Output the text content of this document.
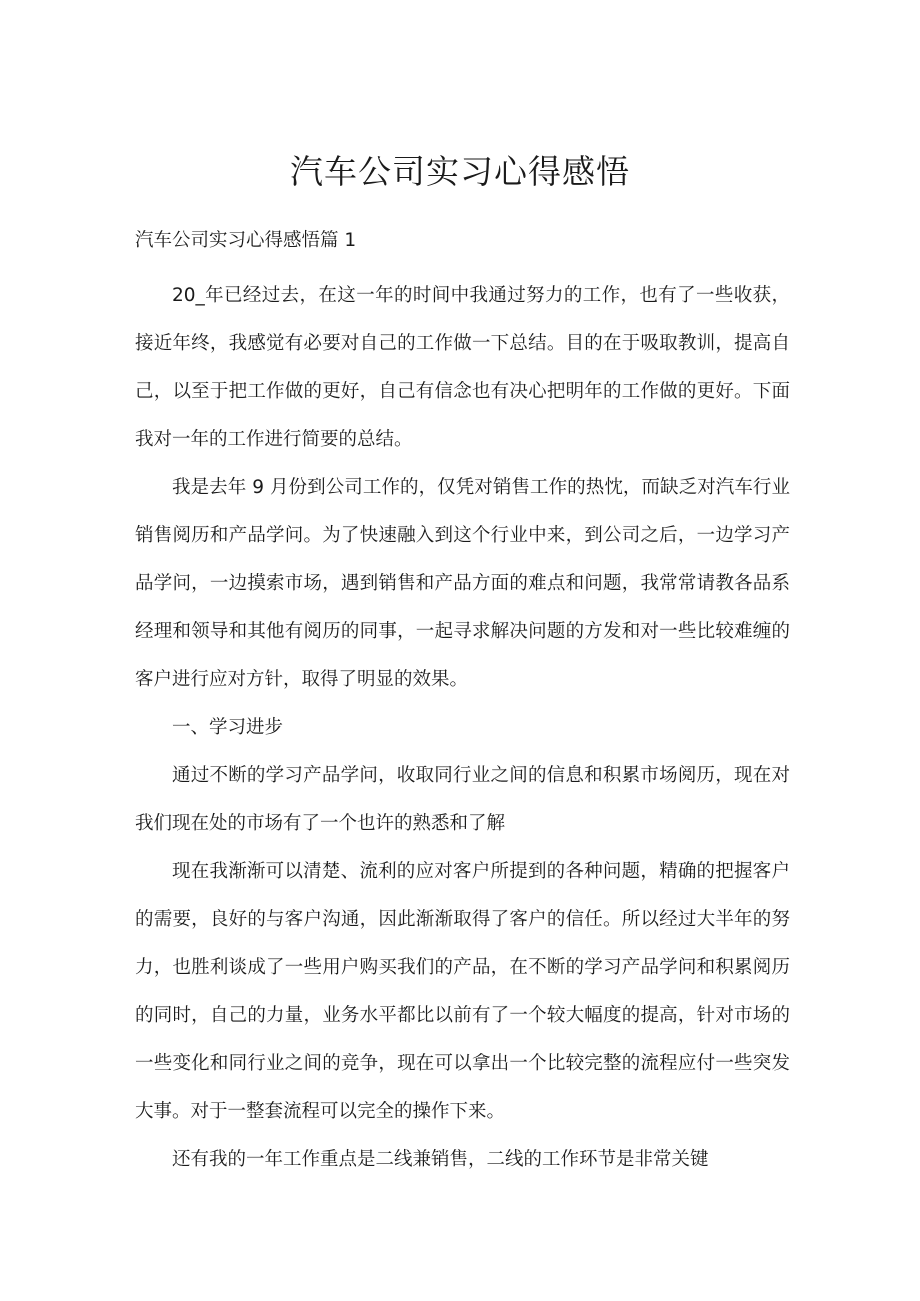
汽车公司实习心得感悟

汽车公司实习心得感悟篇 1

20_年已经过去，在这一年的时间中我通过努力的工作，也有了一些收获，接近年终，我感觉有必要对自己的工作做一下总结。目的在于吸取教训，提高自己，以至于把工作做的更好，自己有信念也有决心把明年的工作做的更好。下面我对一年的工作进行简要的总结。

我是去年 9 月份到公司工作的，仅凭对销售工作的热忱，而缺乏对汽车行业销售阅历和产品学问。为了快速融入到这个行业中来，到公司之后，一边学习产品学问，一边摸索市场，遇到销售和产品方面的难点和问题，我常常请教各品系经理和领导和其他有阅历的同事，一起寻求解决问题的方发和对一些比较难缠的客户进行应对方针，取得了明显的效果。

一、学习进步

通过不断的学习产品学问，收取同行业之间的信息和积累市场阅历，现在对我们现在处的市场有了一个也许的熟悉和了解

现在我渐渐可以清楚、流利的应对客户所提到的各种问题，精确的把握客户的需要，良好的与客户沟通，因此渐渐取得了客户的信任。所以经过大半年的努力，也胜利谈成了一些用户购买我们的产品，在不断的学习产品学问和积累阅历的同时，自己的力量，业务水平都比以前有了一个较大幅度的提高，针对市场的一些变化和同行业之间的竞争，现在可以拿出一个比较完整的流程应付一些突发大事。对于一整套流程可以完全的操作下来。

还有我的一年工作重点是二线兼销售，二线的工作环节是非常关键
